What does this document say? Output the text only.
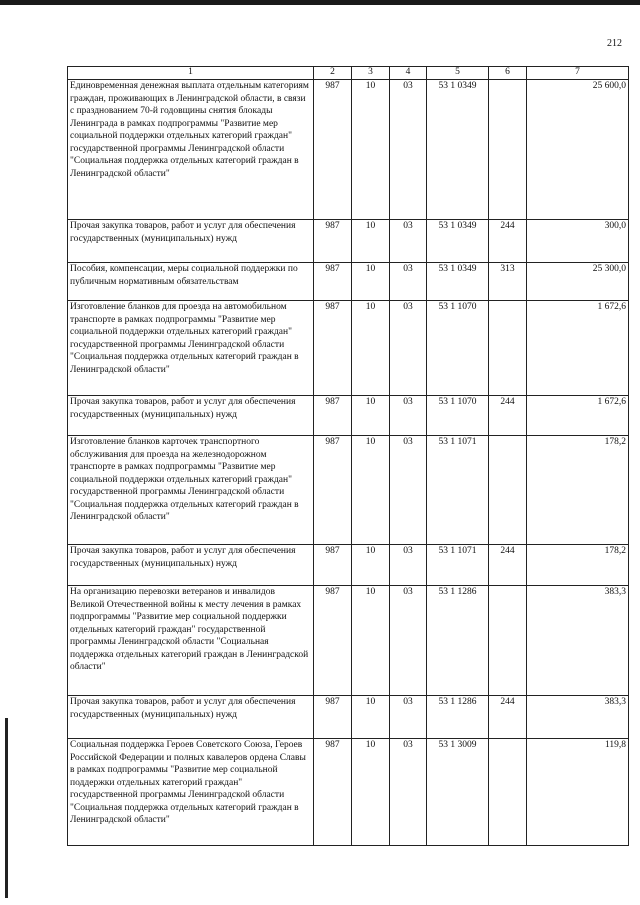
212
1	2	3	4	5	6	7
Единовременная денежная выплата отдельным категориям граждан, проживающих в Ленинградской области, в связи с празднованием 70-й годовщины снятия блокады Ленинграда в рамках подпрограммы "Развитие мер социальной поддержки отдельных категорий граждан" государственной программы Ленинградской области "Социальная поддержка отдельных категорий граждан в Ленинградской области"	987	10	03	53 1 0349		25 600,0
Прочая закупка товаров, работ и услуг для обеспечения государственных (муниципальных) нужд	987	10	03	53 1 0349	244	300,0
Пособия, компенсации, меры социальной поддержки по публичным нормативным обязательствам	987	10	03	53 1 0349	313	25 300,0
Изготовление бланков для проезда на автомобильном транспорте в рамках подпрограммы "Развитие мер социальной поддержки отдельных категорий граждан" государственной программы Ленинградской области "Социальная поддержка отдельных категорий граждан в Ленинградской области"	987	10	03	53 1 1070		1 672,6
Прочая закупка товаров, работ и услуг для обеспечения государственных (муниципальных) нужд	987	10	03	53 1 1070	244	1 672,6
Изготовление бланков карточек транспортного обслуживания для проезда на железнодорожном транспорте в рамках подпрограммы "Развитие мер социальной поддержки отдельных категорий граждан" государственной программы Ленинградской области "Социальная поддержка отдельных категорий граждан в Ленинградской области"	987	10	03	53 1 1071		178,2
Прочая закупка товаров, работ и услуг для обеспечения государственных (муниципальных) нужд	987	10	03	53 1 1071	244	178,2
На организацию перевозки ветеранов и инвалидов Великой Отечественной войны к месту лечения в рамках подпрограммы "Развитие мер социальной поддержки отдельных категорий граждан" государственной программы Ленинградской области "Социальная поддержка отдельных категорий граждан в Ленинградской области"	987	10	03	53 1 1286		383,3
Прочая закупка товаров, работ и услуг для обеспечения государственных (муниципальных) нужд	987	10	03	53 1 1286	244	383,3
Социальная поддержка Героев Советского Союза, Героев Российской Федерации и полных кавалеров ордена Славы в рамках подпрограммы "Развитие мер социальной поддержки отдельных категорий граждан" государственной программы Ленинградской области "Социальная поддержка отдельных категорий граждан в Ленинградской области"	987	10	03	53 1 3009		119,8
